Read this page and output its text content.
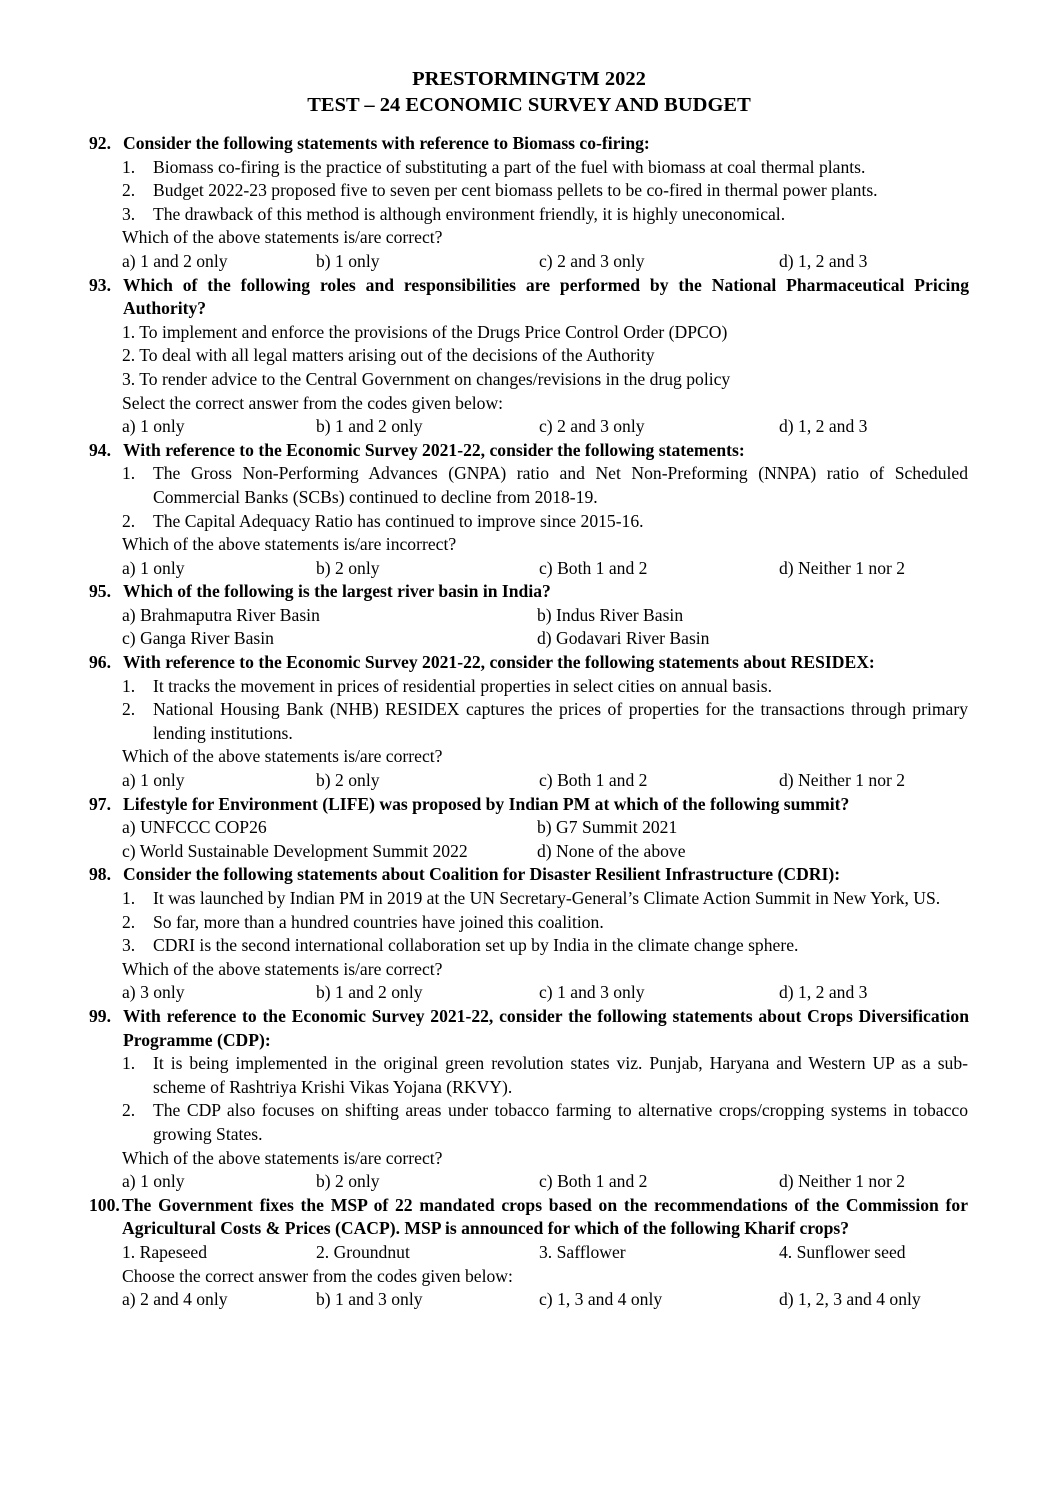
PRESTORMINGTM 2022
TEST – 24 ECONOMIC SURVEY AND BUDGET
92. Consider the following statements with reference to Biomass co-firing:
1.	Biomass co-firing is the practice of substituting a part of the fuel with biomass at coal thermal plants.
2.	Budget 2022-23 proposed five to seven per cent biomass pellets to be co-fired in thermal power plants.
3.	The drawback of this method is although environment friendly, it is highly uneconomical.
Which of the above statements is/are correct?
a) 1 and 2 only	b) 1 only	c) 2 and 3 only	d) 1, 2 and 3
93. Which of the following roles and responsibilities are performed by the National Pharmaceutical Pricing Authority?
1. To implement and enforce the provisions of the Drugs Price Control Order (DPCO)
2. To deal with all legal matters arising out of the decisions of the Authority
3. To render advice to the Central Government on changes/revisions in the drug policy
Select the correct answer from the codes given below:
a) 1 only	b) 1 and 2 only	c) 2 and 3 only	d) 1, 2 and 3
94. With reference to the Economic Survey 2021-22, consider the following statements:
1.	The Gross Non-Performing Advances (GNPA) ratio and Net Non-Preforming (NNPA) ratio of Scheduled Commercial Banks (SCBs) continued to decline from 2018-19.
2.	The Capital Adequacy Ratio has continued to improve since 2015-16.
Which of the above statements is/are incorrect?
a) 1 only	b) 2 only	c) Both 1 and 2	d) Neither 1 nor 2
95. Which of the following is the largest river basin in India?
a) Brahmaputra River Basin	b) Indus River Basin
c) Ganga River Basin	d) Godavari River Basin
96. With reference to the Economic Survey 2021-22, consider the following statements about RESIDEX:
1.	It tracks the movement in prices of residential properties in select cities on annual basis.
2.	National Housing Bank (NHB) RESIDEX captures the prices of properties for the transactions through primary lending institutions.
Which of the above statements is/are correct?
a) 1 only	b) 2 only	c) Both 1 and 2	d) Neither 1 nor 2
97. Lifestyle for Environment (LIFE) was proposed by Indian PM at which of the following summit?
a) UNFCCC COP26	b) G7 Summit 2021
c) World Sustainable Development Summit 2022	d) None of the above
98. Consider the following statements about Coalition for Disaster Resilient Infrastructure (CDRI):
1.	It was launched by Indian PM in 2019 at the UN Secretary-General’s Climate Action Summit in New York, US.
2.	So far, more than a hundred countries have joined this coalition.
3.	CDRI is the second international collaboration set up by India in the climate change sphere.
Which of the above statements is/are correct?
a) 3 only	b) 1 and 2 only	c) 1 and 3 only	d) 1, 2 and 3
99. With reference to the Economic Survey 2021-22, consider the following statements about Crops Diversification Programme (CDP):
1.	It is being implemented in the original green revolution states viz. Punjab, Haryana and Western UP as a sub-scheme of Rashtriya Krishi Vikas Yojana (RKVY).
2.	The CDP also focuses on shifting areas under tobacco farming to alternative crops/cropping systems in tobacco growing States.
Which of the above statements is/are correct?
a) 1 only	b) 2 only	c) Both 1 and 2	d) Neither 1 nor 2
100. The Government fixes the MSP of 22 mandated crops based on the recommendations of the Commission for Agricultural Costs & Prices (CACP). MSP is announced for which of the following Kharif crops?
1. Rapeseed	2. Groundnut	3. Safflower	4. Sunflower seed
Choose the correct answer from the codes given below:
a) 2 and 4 only	b) 1 and 3 only	c) 1, 3 and 4 only	d) 1, 2, 3 and 4 only
